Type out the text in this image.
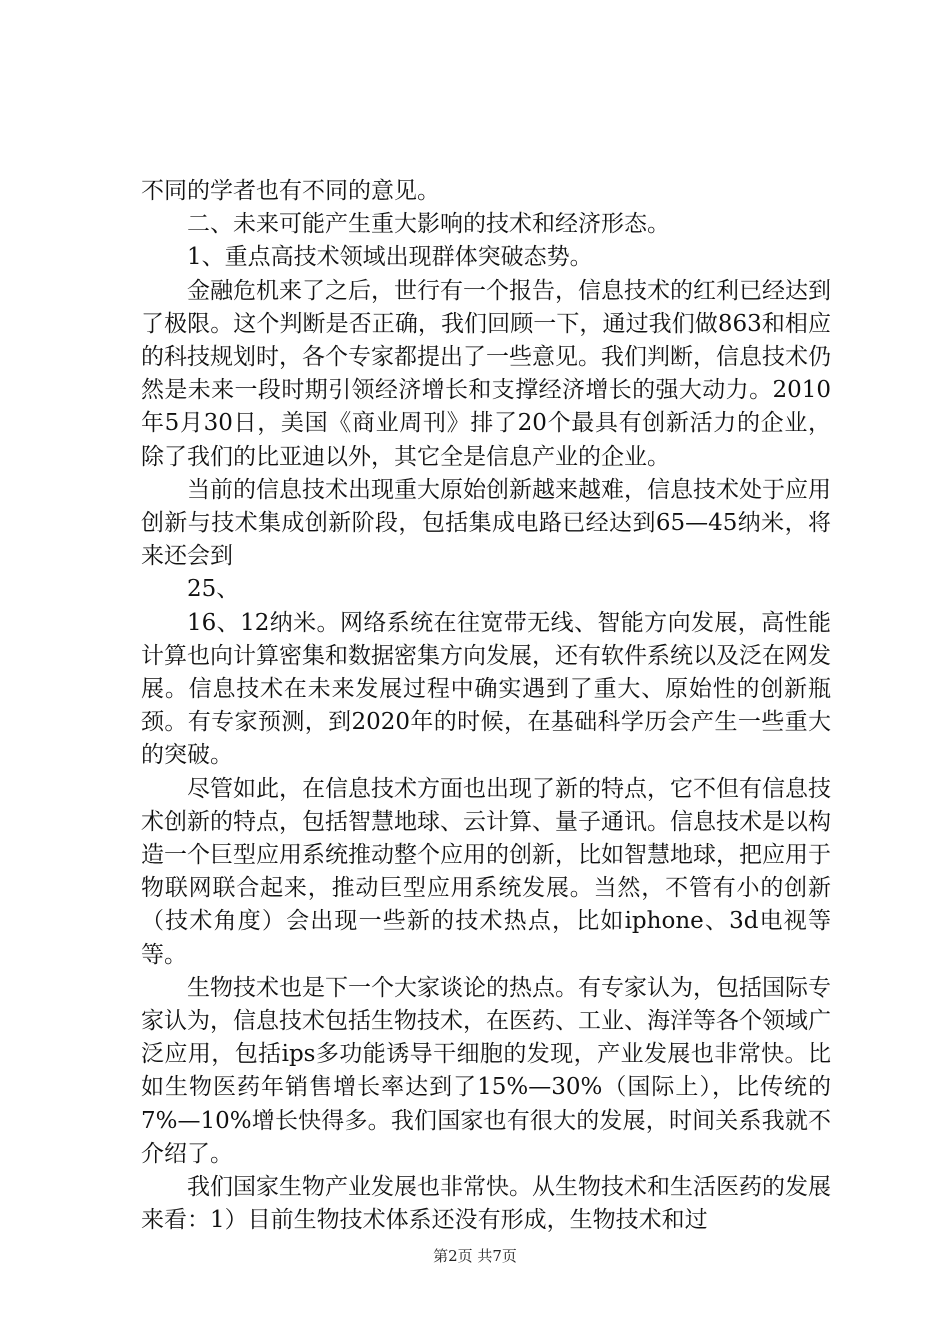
不同的学者也有不同的意见。

二、未来可能产生重大影响的技术和经济形态。

1、重点高技术领域出现群体突破态势。

金融危机来了之后，世行有一个报告，信息技术的红利已经达到了极限。这个判断是否正确，我们回顾一下，通过我们做863和相应的科技规划时，各个专家都提出了一些意见。我们判断，信息技术仍然是未来一段时期引领经济增长和支撑经济增长的强大动力。2010年5月30日，美国《商业周刊》排了20个最具有创新活力的企业，除了我们的比亚迪以外，其它全是信息产业的企业。

当前的信息技术出现重大原始创新越来越难，信息技术处于应用创新与技术集成创新阶段，包括集成电路已经达到65—45纳米，将来还会到

25、

16、12纳米。网络系统在往宽带无线、智能方向发展，高性能计算也向计算密集和数据密集方向发展，还有软件系统以及泛在网发展。信息技术在未来发展过程中确实遇到了重大、原始性的创新瓶颈。有专家预测，到2020年的时候，在基础科学历会产生一些重大的突破。

尽管如此，在信息技术方面也出现了新的特点，它不但有信息技术创新的特点，包括智慧地球、云计算、量子通讯。信息技术是以构造一个巨型应用系统推动整个应用的创新，比如智慧地球，把应用于物联网联合起来，推动巨型应用系统发展。当然，不管有小的创新（技术角度）会出现一些新的技术热点，比如iphone、3d电视等等。

生物技术也是下一个大家谈论的热点。有专家认为，包括国际专家认为，信息技术包括生物技术，在医药、工业、海洋等各个领域广泛应用，包括ips多功能诱导干细胞的发现，产业发展也非常快。比如生物医药年销售增长率达到了15%—30%（国际上），比传统的7%—10%增长快得多。我们国家也有很大的发展，时间关系我就不介绍了。

我们国家生物产业发展也非常快。从生物技术和生活医药的发展来看：1）目前生物技术体系还没有形成，生物技术和过

第2页 共7页
